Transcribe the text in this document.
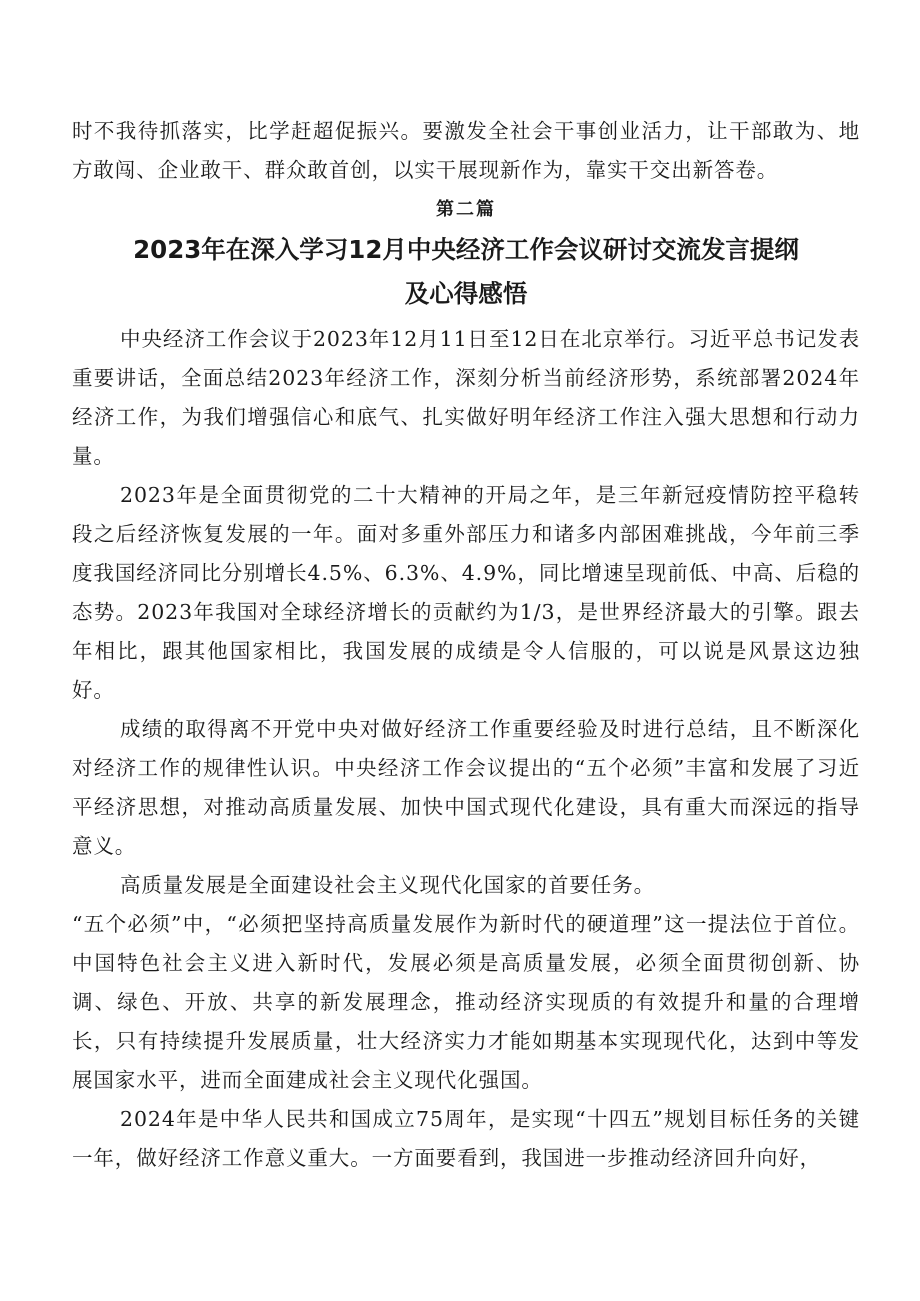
时不我待抓落实，比学赶超促振兴。要激发全社会干事创业活力，让干部敢为、地方敢闯、企业敢干、群众敢首创，以实干展现新作为，靠实干交出新答卷。

第二篇
2023年在深入学习12月中央经济工作会议研讨交流发言提纲
及心得感悟

中央经济工作会议于2023年12月11日至12日在北京举行。习近平总书记发表重要讲话，全面总结2023年经济工作，深刻分析当前经济形势，系统部署2024年经济工作，为我们增强信心和底气、扎实做好明年经济工作注入强大思想和行动力量。

2023年是全面贯彻党的二十大精神的开局之年，是三年新冠疫情防控平稳转段之后经济恢复发展的一年。面对多重外部压力和诸多内部困难挑战，今年前三季度我国经济同比分别增长4.5%、6.3%、4.9%，同比增速呈现前低、中高、后稳的态势。2023年我国对全球经济增长的贡献约为1/3，是世界经济最大的引擎。跟去年相比，跟其他国家相比，我国发展的成绩是令人信服的，可以说是风景这边独好。

成绩的取得离不开党中央对做好经济工作重要经验及时进行总结，且不断深化对经济工作的规律性认识。中央经济工作会议提出的“五个必须”丰富和发展了习近平经济思想，对推动高质量发展、加快中国式现代化建设，具有重大而深远的指导意义。

高质量发展是全面建设社会主义现代化国家的首要任务。

“五个必须”中，“必须把坚持高质量发展作为新时代的硬道理”这一提法位于首位。中国特色社会主义进入新时代，发展必须是高质量发展，必须全面贯彻创新、协调、绿色、开放、共享的新发展理念，推动经济实现质的有效提升和量的合理增长，只有持续提升发展质量，壮大经济实力才能如期基本实现现代化，达到中等发展国家水平，进而全面建成社会主义现代化强国。

2024年是中华人民共和国成立75周年，是实现“十四五”规划目标任务的关键一年，做好经济工作意义重大。一方面要看到，我国进一步推动经济回升向好，
